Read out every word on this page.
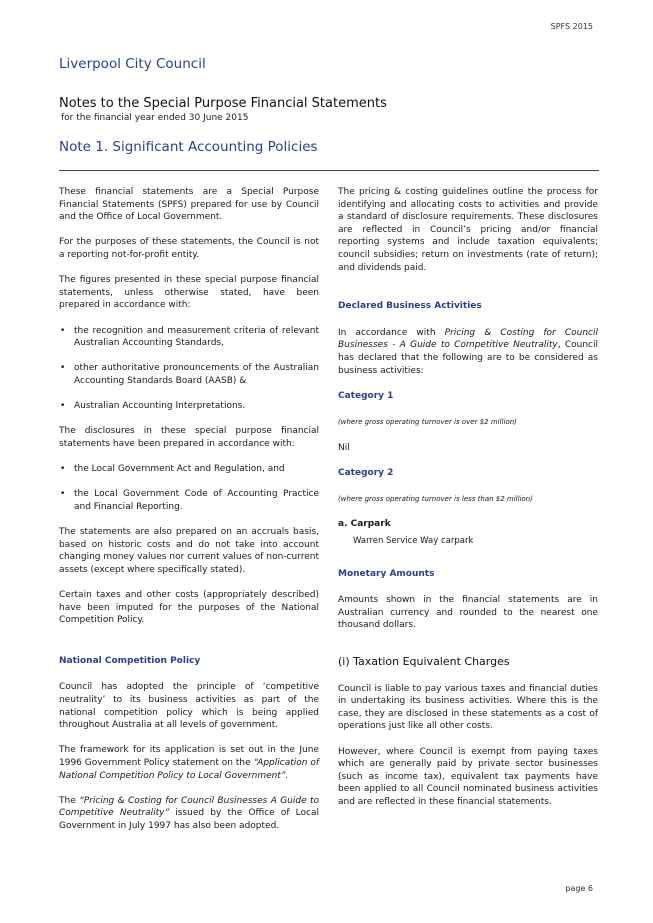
SPFS 2015
Liverpool City Council
Notes to the Special Purpose Financial Statements
for the financial year ended 30 June 2015
Note 1. Significant Accounting Policies

These financial statements are a Special Purpose Financial Statements (SPFS) prepared for use by Council and the Office of Local Government.

For the purposes of these statements, the Council is not a reporting not-for-profit entity.

The figures presented in these special purpose financial statements, unless otherwise stated, have been prepared in accordance with:

• the recognition and measurement criteria of relevant Australian Accounting Standards,
• other authoritative pronouncements of the Australian Accounting Standards Board (AASB) &
• Australian Accounting Interpretations.

The disclosures in these special purpose financial statements have been prepared in accordance with:

• the Local Government Act and Regulation, and
• the Local Government Code of Accounting Practice and Financial Reporting.

The statements are also prepared on an accruals basis, based on historic costs and do not take into account changing money values nor current values of non-current assets (except where specifically stated).

Certain taxes and other costs (appropriately described) have been imputed for the purposes of the National Competition Policy.

National Competition Policy

Council has adopted the principle of ‘competitive neutrality’ to its business activities as part of the national competition policy which is being applied throughout Australia at all levels of government.

The framework for its application is set out in the June 1996 Government Policy statement on the “Application of National Competition Policy to Local Government”.

The “Pricing & Costing for Council Businesses A Guide to Competitive Neutrality” issued by the Office of Local Government in July 1997 has also been adopted.

The pricing & costing guidelines outline the process for identifying and allocating costs to activities and provide a standard of disclosure requirements. These disclosures are reflected in Council’s pricing and/or financial reporting systems and include taxation equivalents; council subsidies; return on investments (rate of return); and dividends paid.

Declared Business Activities

In accordance with Pricing & Costing for Council Businesses - A Guide to Competitive Neutrality, Council has declared that the following are to be considered as business activities:

Category 1

(where gross operating turnover is over $2 million)

Nil

Category 2

(where gross operating turnover is less than $2 million)

a. Carpark
Warren Service Way carpark
Monetary Amounts

Amounts shown in the financial statements are in Australian currency and rounded to the nearest one thousand dollars.

(i) Taxation Equivalent Charges

Council is liable to pay various taxes and financial duties in undertaking its business activities. Where this is the case, they are disclosed in these statements as a cost of operations just like all other costs.

However, where Council is exempt from paying taxes which are generally paid by private sector businesses (such as income tax), equivalent tax payments have been applied to all Council nominated business activities and are reflected in these financial statements.

page 6
